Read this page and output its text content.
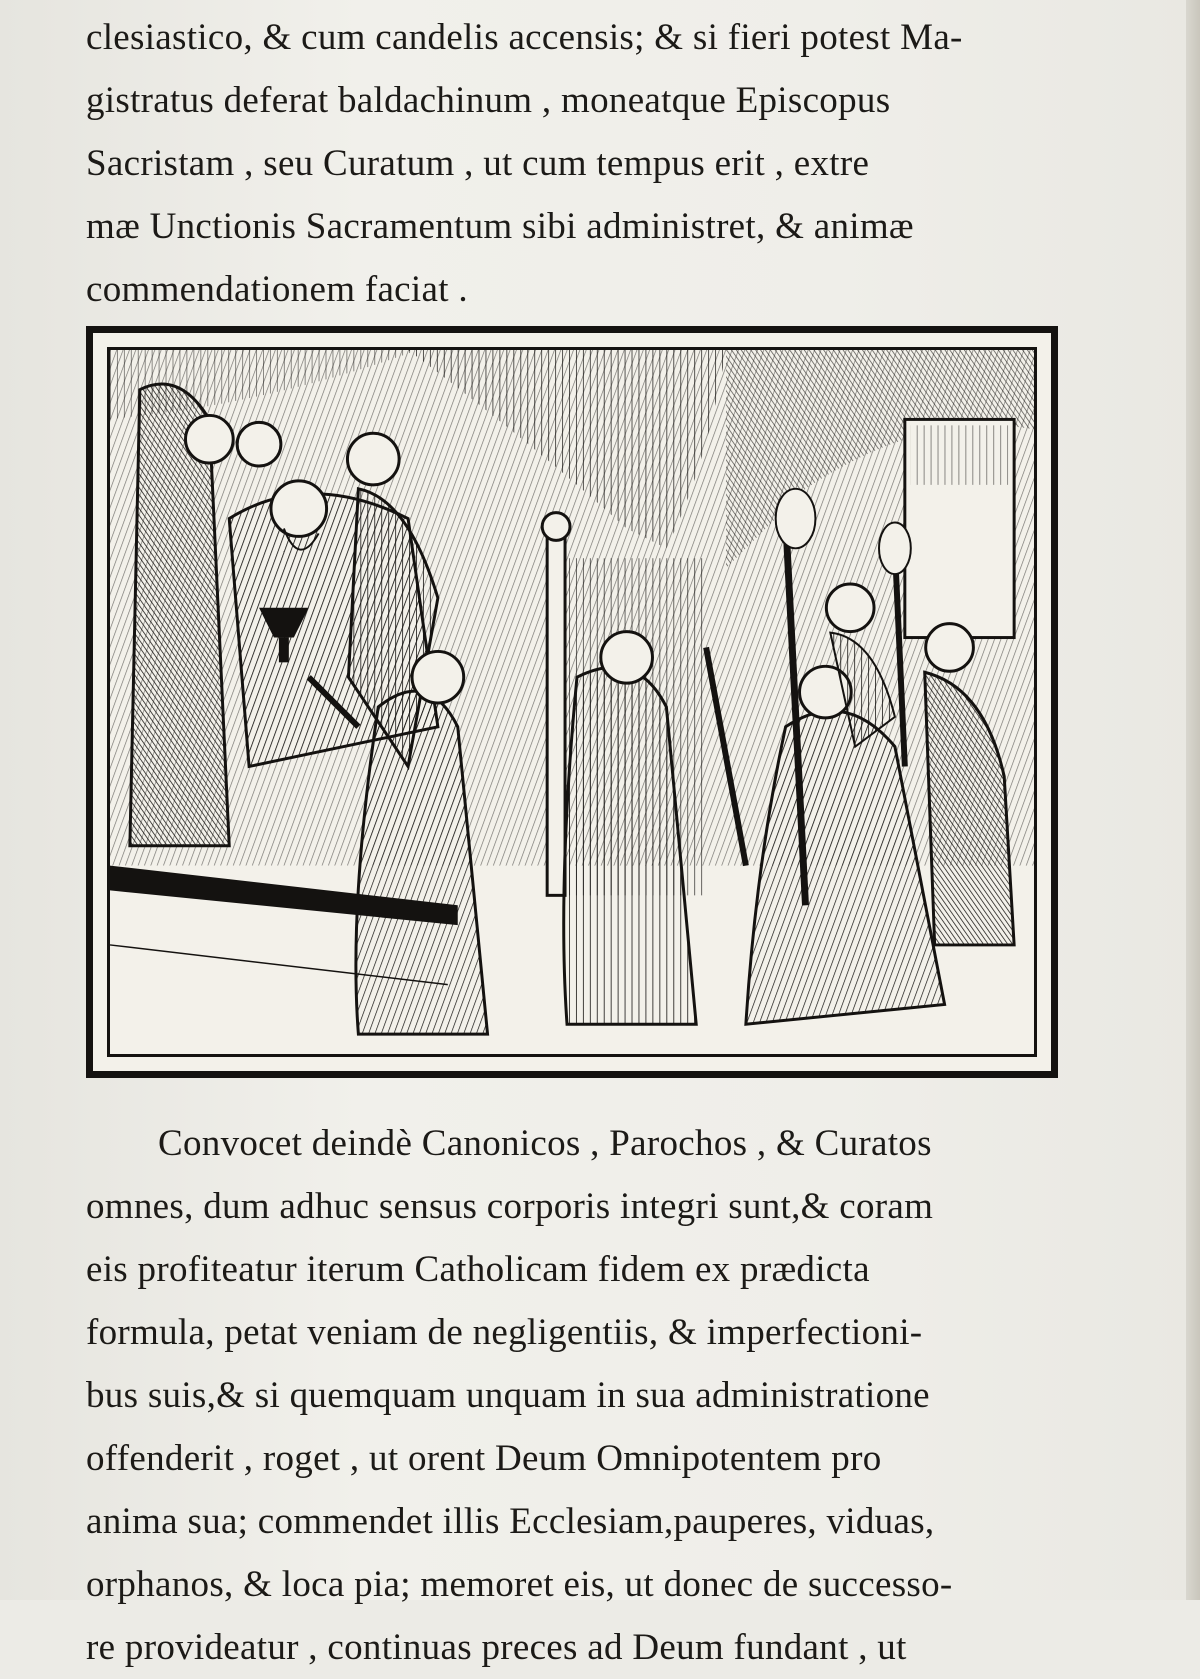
clesiastico, & cum candelis accensis; & si fieri potest Ma-
gistratus deferat baldachinum , moneatque Episcopus
Sacristam , seu Curatum , ut cum tempus erit , extre
mæ Unctionis Sacramentum sibi administret, & animæ
commendationem faciat .
Convocet deindè Canonicos , Parochos , & Curatos
omnes, dum adhuc sensus corporis integri sunt,& coram
eis profiteatur iterum Catholicam fidem ex prædicta
formula, petat veniam de negligentiis, & imperfectioni-
bus suis,& si quemquam unquam in sua administratione
offenderit , roget , ut orent Deum Omnipotentem pro
anima sua; commendet illis Ecclesiam,pauperes, viduas,
orphanos, & loca pia; memoret eis, ut donec de successo-
re provideatur , continuas preces ad Deum fundant , ut
